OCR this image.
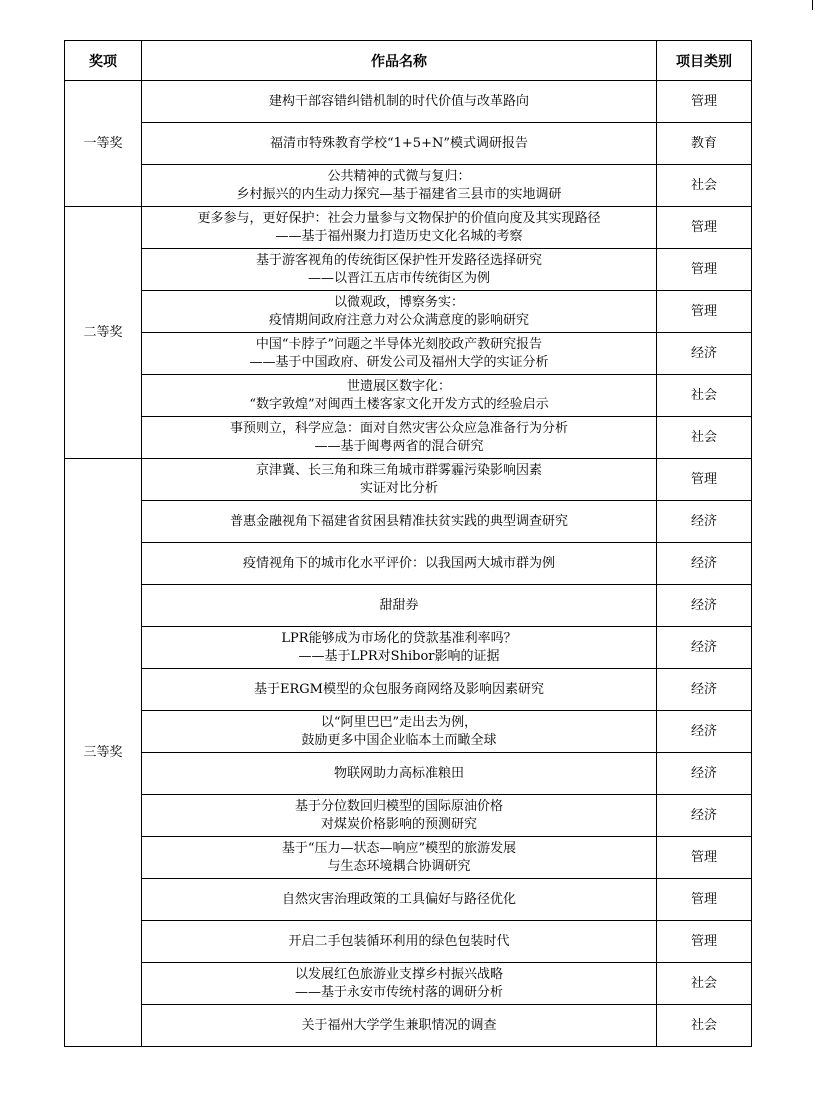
奖项	作品名称	项目类别
一等奖	建构干部容错纠错机制的时代价值与改革路向	管理

	福清市特殊教育学校“1+5+N”模式调研报告	教育

	公共精神的式微与复归：
乡村振兴的内生动力探究—基于福建省三县市的实地调研	社会
二等奖	更多参与，更好保护：社会力量参与文物保护的价值向度及其实现路径
——基于福州聚力打造历史文化名城的考察	管理

	基于游客视角的传统街区保护性开发路径选择研究
——以晋江五店市传统街区为例	管理

	以微观政，博察务实：
疫情期间政府注意力对公众满意度的影响研究	管理

	中国“卡脖子”问题之半导体光刻胶政产教研究报告
——基于中国政府、研发公司及福州大学的实证分析	经济

	世遗展区数字化：
“数字敦煌”对闽西土楼客家文化开发方式的经验启示	社会

	事预则立，科学应急：面对自然灾害公众应急准备行为分析
——基于闽粤两省的混合研究	社会
三等奖	京津冀、长三角和珠三角城市群雾霾污染影响因素
实证对比分析	管理

	普惠金融视角下福建省贫困县精准扶贫实践的典型调查研究	经济

	疫情视角下的城市化水平评价：以我国两大城市群为例	经济

	甜甜券	经济

	LPR能够成为市场化的贷款基准利率吗？
——基于LPR对Shibor影响的证据	经济

	基于ERGM模型的众包服务商网络及影响因素研究	经济

	以“阿里巴巴”走出去为例，
鼓励更多中国企业临本土而瞰全球	经济

	物联网助力高标准粮田	经济

	基于分位数回归模型的国际原油价格
对煤炭价格影响的预测研究	经济

	基于“压力—状态—响应”模型的旅游发展
与生态环境耦合协调研究	管理

	自然灾害治理政策的工具偏好与路径优化	管理

	开启二手包装循环利用的绿色包装时代	管理

	以发展红色旅游业支撑乡村振兴战略
——基于永安市传统村落的调研分析	社会

	关于福州大学学生兼职情况的调查	社会
